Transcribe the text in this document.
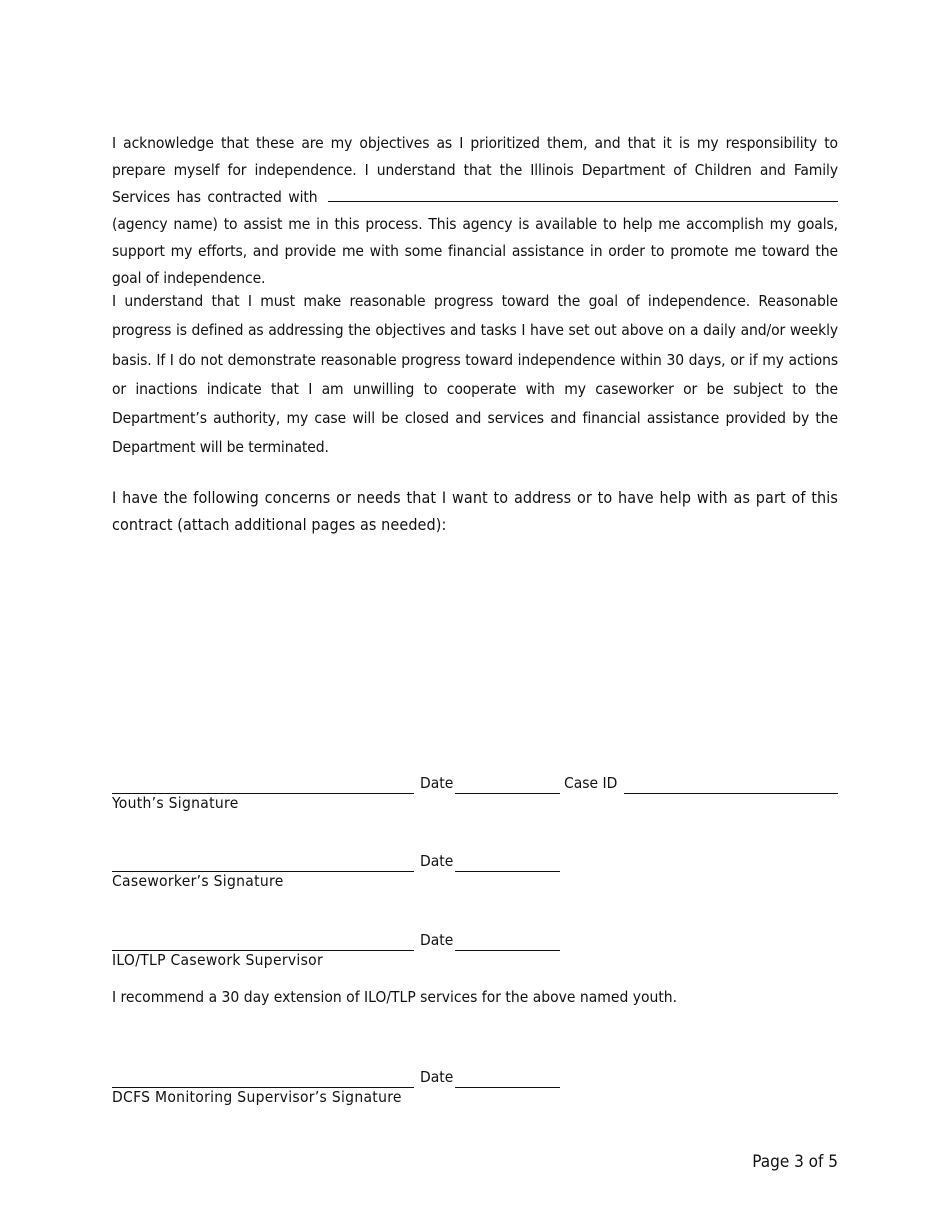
I acknowledge that these are my objectives as I prioritized them, and that it is my responsibility to prepare myself for independence. I understand that the Illinois Department of Children and Family Services has contracted with (agency name) to assist me in this process. This agency is available to help me accomplish my goals, support my efforts, and provide me with some financial assistance in order to promote me toward the goal of independence.
I understand that I must make reasonable progress toward the goal of independence. Reasonable progress is defined as addressing the objectives and tasks I have set out above on a daily and/or weekly basis. If I do not demonstrate reasonable progress toward independence within 30 days, or if my actions or inactions indicate that I am unwilling to cooperate with my caseworker or be subject to the Department’s authority, my case will be closed and services and financial assistance provided by the Department will be terminated.
I have the following concerns or needs that I want to address or to have help with as part of this contract (attach additional pages as needed):
Date	Case ID
Youth’s Signature
Date
Caseworker’s Signature
Date
ILO/TLP Casework Supervisor
I recommend a 30 day extension of ILO/TLP services for the above named youth.
Date
DCFS Monitoring Supervisor’s Signature
Page 3 of 5
